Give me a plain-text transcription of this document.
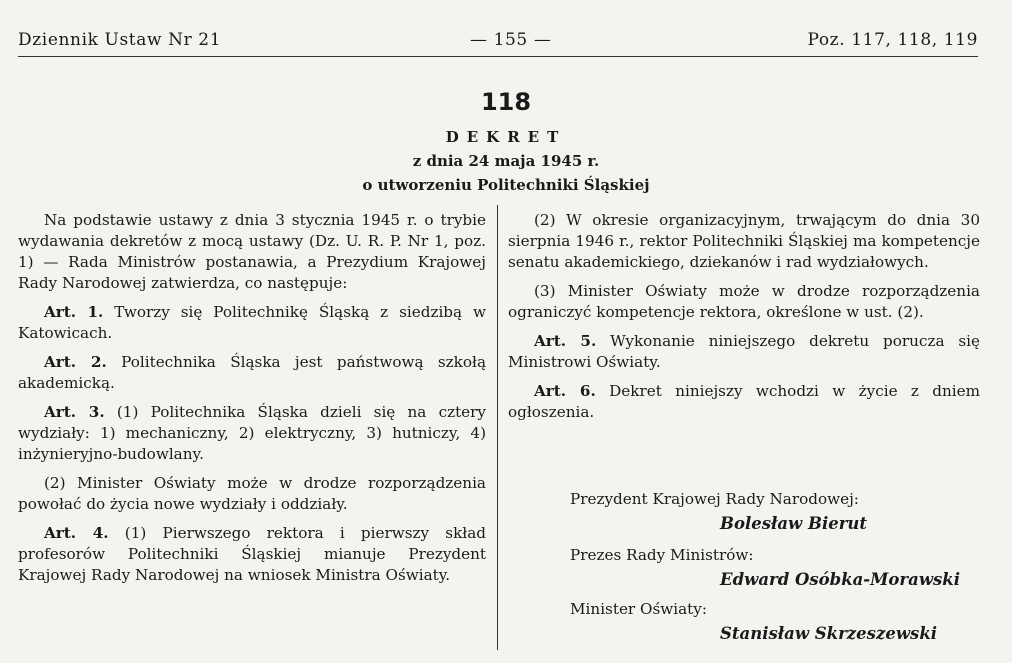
Dziennik Ustaw Nr 21	— 155 —	Poz. 117, 118, 119
118
DEKRET
z dnia 24 maja 1945 r.
o utworzeniu Politechniki Śląskiej

Na podstawie ustawy z dnia 3 stycznia 1945 r. o trybie wydawania dekretów z mocą ustawy (Dz. U. R. P. Nr 1, poz. 1) — Rada Ministrów postanawia, a Prezydium Krajowej Rady Narodowej zatwierdza, co następuje:

Art. 1. Tworzy się Politechnikę Śląską z siedzibą w Katowicach.

Art. 2. Politechnika Śląska jest państwową szkołą akademicką.

Art. 3. (1) Politechnika Śląska dzieli się na cztery wydziały: 1) mechaniczny, 2) elektryczny, 3) hutniczy, 4) inżynieryjno-budowlany.

(2) Minister Oświaty może w drodze rozporządzenia powołać do życia nowe wydziały i oddziały.

Art. 4. (1) Pierwszego rektora i pierwszy skład profesorów Politechniki Śląskiej mianuje Prezydent Krajowej Rady Narodowej na wniosek Ministra Oświaty.

(2) W okresie organizacyjnym, trwającym do dnia 30 sierpnia 1946 r., rektor Politechniki Śląskiej ma kompetencje senatu akademickiego, dziekanów i rad wydziałowych.

(3) Minister Oświaty może w drodze rozporządzenia ograniczyć kompetencje rektora, określone w ust. (2).

Art. 5. Wykonanie niniejszego dekretu porucza się Ministrowi Oświaty.

Art. 6. Dekret niniejszy wchodzi w życie z dniem ogłoszenia.

Prezydent Krajowej Rady Narodowej:
Bolesław Bierut
Prezes Rady Ministrów:
Edward Osóbka-Morawski
Minister Oświaty:
Stanisław Skrzeszewski
